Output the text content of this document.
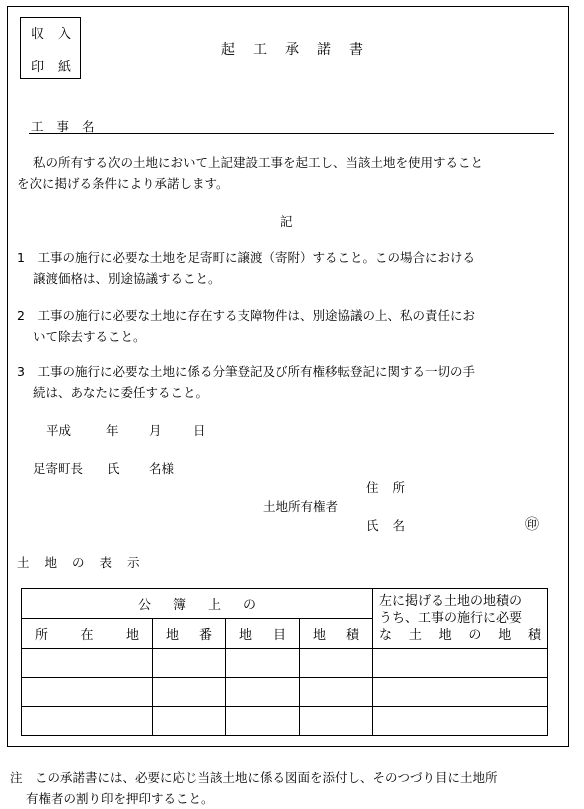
収 入
印 紙
起工承諾書
工事名
私の所有する次の土地において上記建設工事を起工し、当該土地を使用すること
を次に掲げる条件により承諾します。
記
1　 工事の施行に必要な土地を足寄町に譲渡（寄附）すること。この場合における
譲渡価格は、別途協議すること。
2　 工事の施行に必要な土地に存在する支障物件は、別途協議の上、私の責任にお
いて除去すること。
3　 工事の施行に必要な土地に係る分筆登記及び所有権移転登記に関する一切の手
続は、あなたに委任すること。
平成	年 月	日
足寄町長 氏 名様
住所
土地所有権者
氏名	㊞
土地の表示
公簿上の				左に掲げる土地の地積の
うち、工事の施行に必要
な土地の地積

所在地	地番	地目	地積	

注　この承諾書には、必要に応じ当該土地に係る図面を添付し、そのつづり目に土地所
有権者の割り印を押印すること。
